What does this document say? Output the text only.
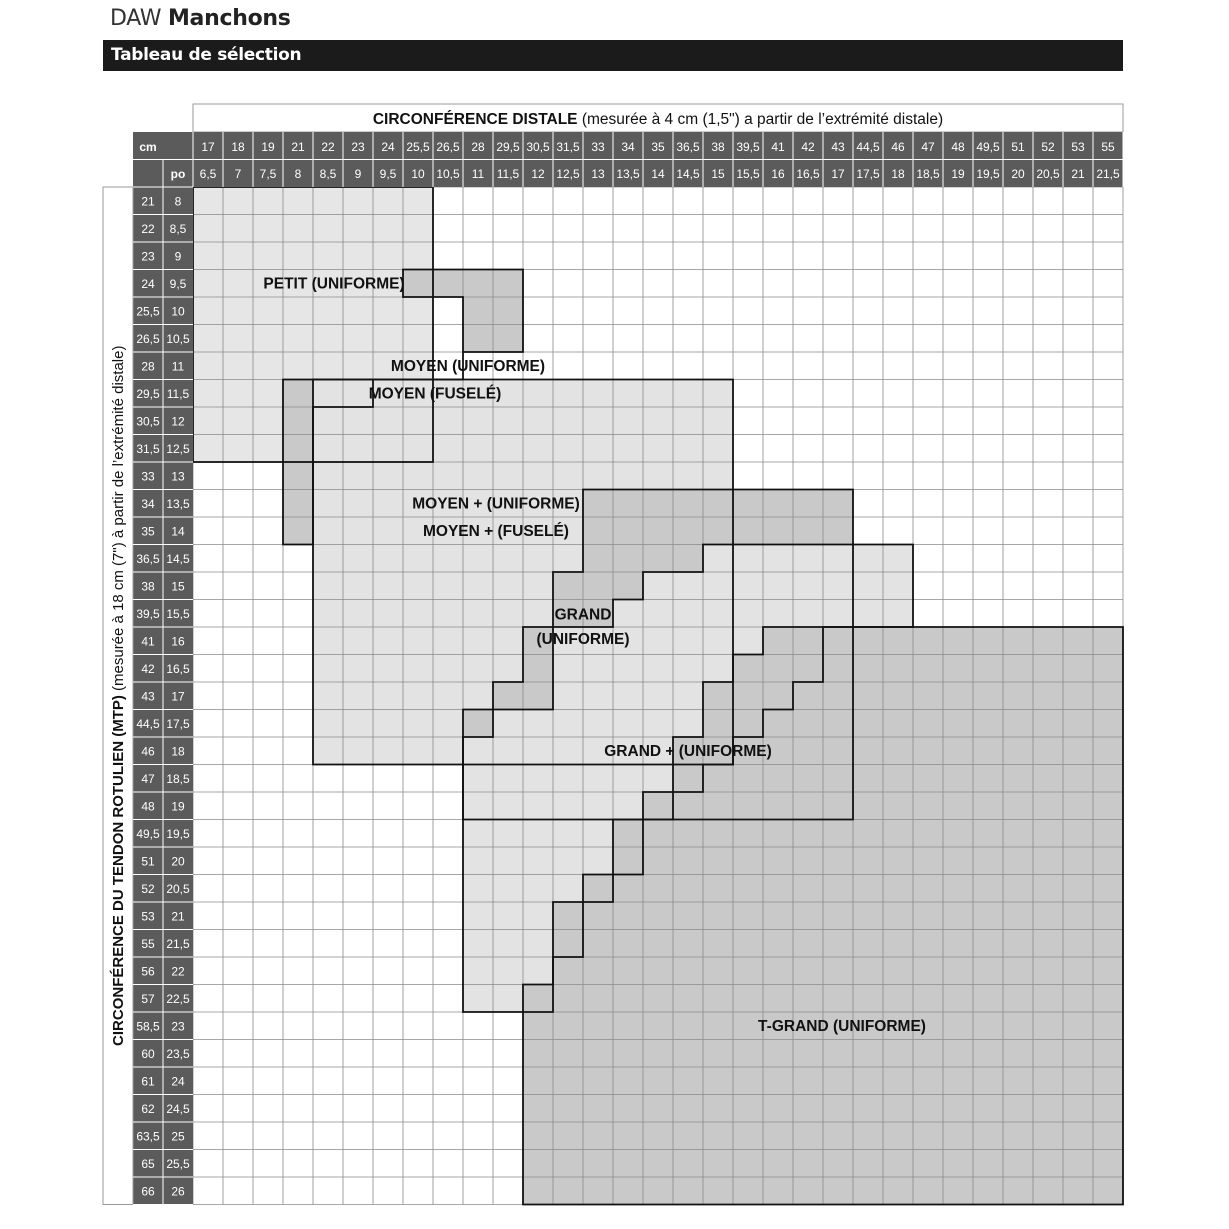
DAW Manchons
Tableau de sélection
cm
po
17 18 19 21 22 23 24 25,5 26,5 28 29,5 30,5 31,5 33 34 35 36,5 38 39,5 41 42 43 44,5 46 47 48 49,5 51 52 53 55
6,5 7 7,5 8 8,5 9 9,5 10 10,5 11 11,5 12 12,5 13 13,5 14 14,5 15 15,5 16 16,5 17 17,5 18 18,5 19 19,5 20 20,5 21 21,5
21
22
23
24
25,5
26,5
28
29,5
30,5
31,5
33
34
35
36,5
38
39,5
41
42
43
44,5
46
47
48
49,5
51
52
53
55
56
57
58,5
60
61
62
63,5
65
66
8
8,5
9
9,5
10
10,5
11
11,5
12
12,5
13
13,5
14
14,5
15
15,5
16
16,5
17
17,5
18
18,5
19
19,5
20
20,5
21
21,5
22
22,5
23
23,5
24
24,5
25
25,5
26
CIRCONFÉRENCE DISTALE (mesurée à 4 cm (1,5") a partir de l’extrémité distale)
CIRCONFÉRENCE DU TENDON ROTULIEN (MTP) (mesurée à 18 cm (7") à partir de l’extrémité distale)
PETIT (UNIFORME)
MOYEN (UNIFORME)
MOYEN (FUSELÉ)
MOYEN + (UNIFORME)
MOYEN + (FUSELÉ)
GRAND
(UNIFORME)
GRAND + (UNIFORME)
T-GRAND (UNIFORME)
